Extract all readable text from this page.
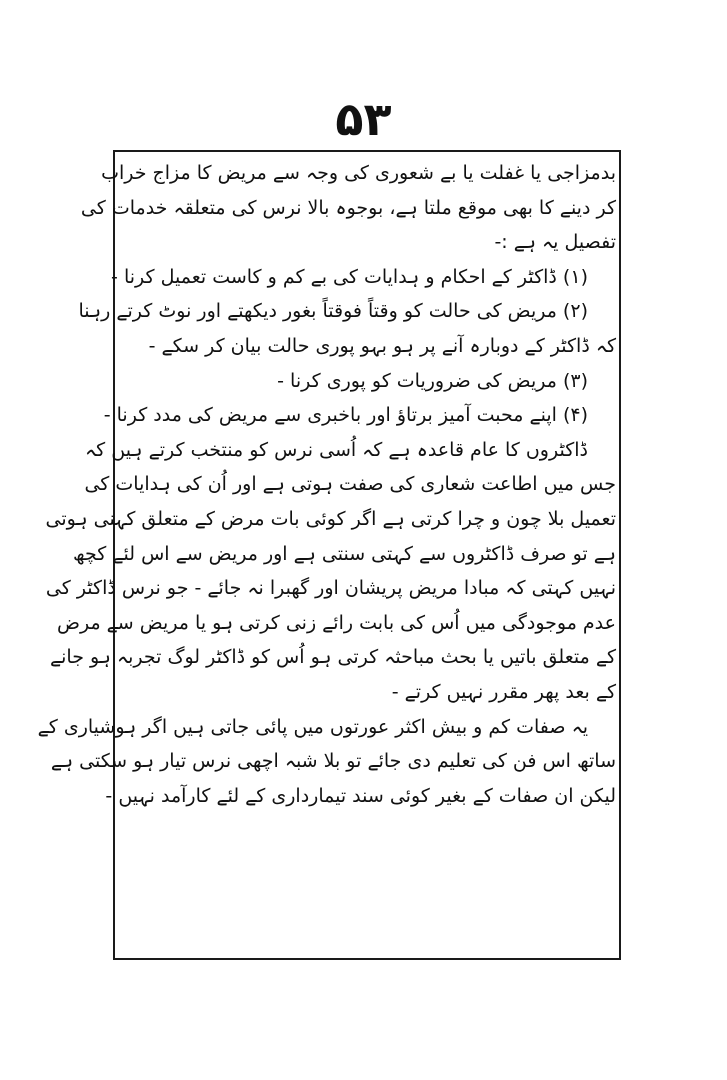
۵۳
بدمزاجی یا غفلت یا بے شعوری کی وجہ سے مریض کا مزاج خراب
کر دینے کا بھی موقع ملتا ہے، بوجوہ بالا نرس کی متعلقہ خدمات کی
تفصیل یہ ہے :-
(۱) ڈاکٹر کے احکام و ہدایات کی بے کم و کاست تعمیل کرنا -
(۲) مریض کی حالت کو وقتاً فوقتاً بغور دیکھتے اور نوٹ کرتے رہنا
کہ ڈاکٹر کے دوبارہ آنے پر ہو بہو پوری حالت بیان کر سکے -
(۳) مریض کی ضروریات کو پوری کرنا -
(۴) اپنے محبت آمیز برتاؤ اور باخبری سے مریض کی مدد کرنا -
ڈاکٹروں کا عام قاعدہ ہے کہ اُسی نرس کو منتخب کرتے ہیں کہ
جس میں اطاعت شعاری کی صفت ہوتی ہے اور اُن کی ہدایات کی
تعمیل بلا چون و چرا کرتی ہے اگر کوئی بات مرض کے متعلق کہنی ہوتی
ہے تو صرف ڈاکٹروں سے کہتی سنتی ہے اور مریض سے اس لئے کچھ
نہیں کہتی کہ مبادا مریض پریشان اور گھبرا نہ جائے - جو نرس ڈاکٹر کی
عدم موجودگی میں اُس کی بابت رائے زنی کرتی ہو یا مریض سے مرض
کے متعلق باتیں یا بحث مباحثہ کرتی ہو اُس کو ڈاکٹر لوگ تجربہ ہو جانے
کے بعد پھر مقرر نہیں کرتے -
یہ صفات کم و بیش اکثر عورتوں میں پائی جاتی ہیں اگر ہوشیاری کے
ساتھ اس فن کی تعلیم دی جائے تو بلا شبہ اچھی نرس تیار ہو سکتی ہے
لیکن ان صفات کے بغیر کوئی سند تیمارداری کے لئے کارآمد نہیں -
